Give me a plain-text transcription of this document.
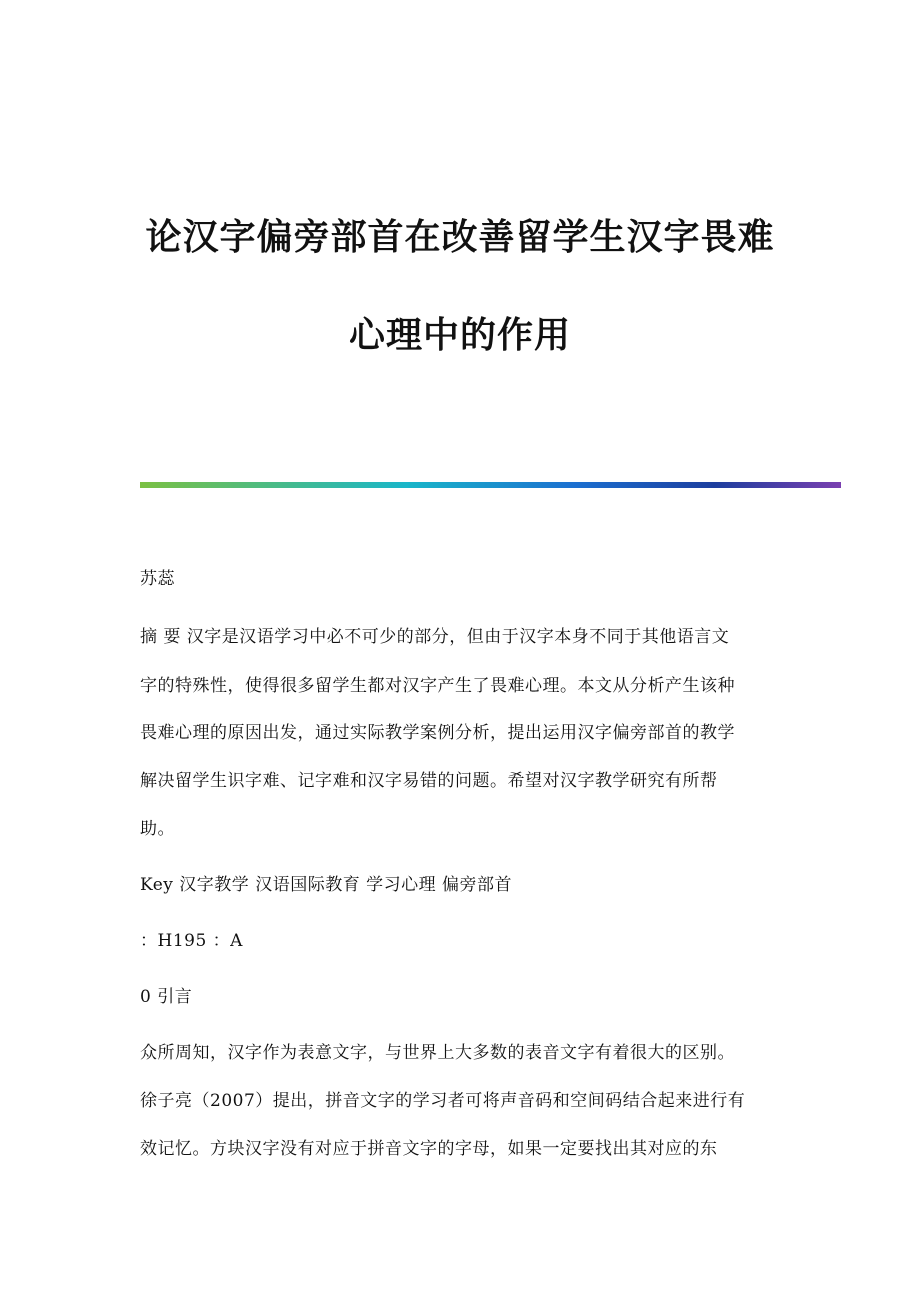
论汉字偏旁部首在改善留学生汉字畏难
心理中的作用
苏蕊
摘 要 汉字是汉语学习中必不可少的部分，但由于汉字本身不同于其他语言文
字的特殊性，使得很多留学生都对汉字产生了畏难心理。本文从分析产生该种
畏难心理的原因出发，通过实际教学案例分析，提出运用汉字偏旁部首的教学
解决留学生识字难、记字难和汉字易错的问题。希望对汉字教学研究有所帮
助。
Key 汉字教学 汉语国际教育 学习心理 偏旁部首
：H195 ：A
0 引言
众所周知，汉字作为表意文字，与世界上大多数的表音文字有着很大的区别。
徐子亮（2007）提出，拼音文字的学习者可将声音码和空间码结合起来进行有
效记忆。方块汉字没有对应于拼音文字的字母，如果一定要找出其对应的东
